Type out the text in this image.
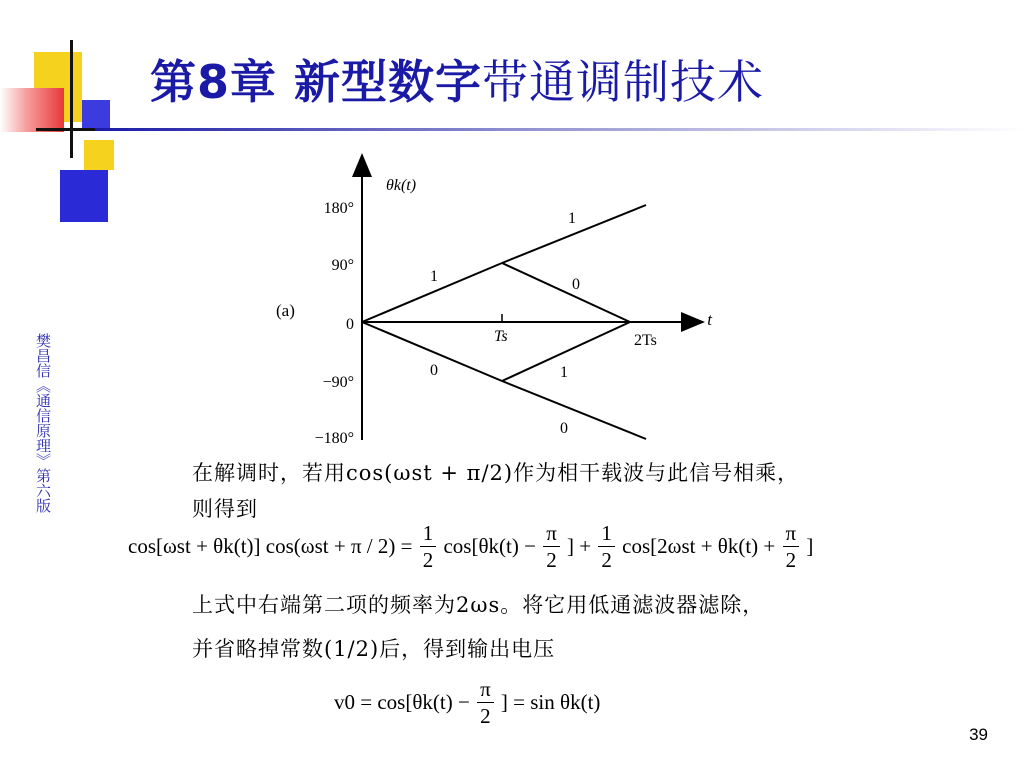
第8章 新型数字带通调制技术
樊昌信《通信原理》第六版
θk(t)
t
(a)
180°
90°
0
−90°
−180°
Ts	2Ts
1
1	0
0	1
0
在解调时，若用cos(ωst + π/2)作为相干载波与此信号相乘，
则得到
cos[ωst + θk(t)] $\cos(\omega st + \pi / 2) = \frac{1}{2} \cos[\theta k(t) - \frac{\pi}{2}$ ] + $\frac{1}{2} \cos[2\omega st + \theta k(t) + \frac{\pi}{2}$ ]
上式中右端第二项的频率为2ωs。将它用低通滤波器滤除，
并省略掉常数(1/2)后，得到输出电压
$v0 = \cos[\theta k(t) - \frac{\pi}{2}$ ] = sin θk(t)
39
